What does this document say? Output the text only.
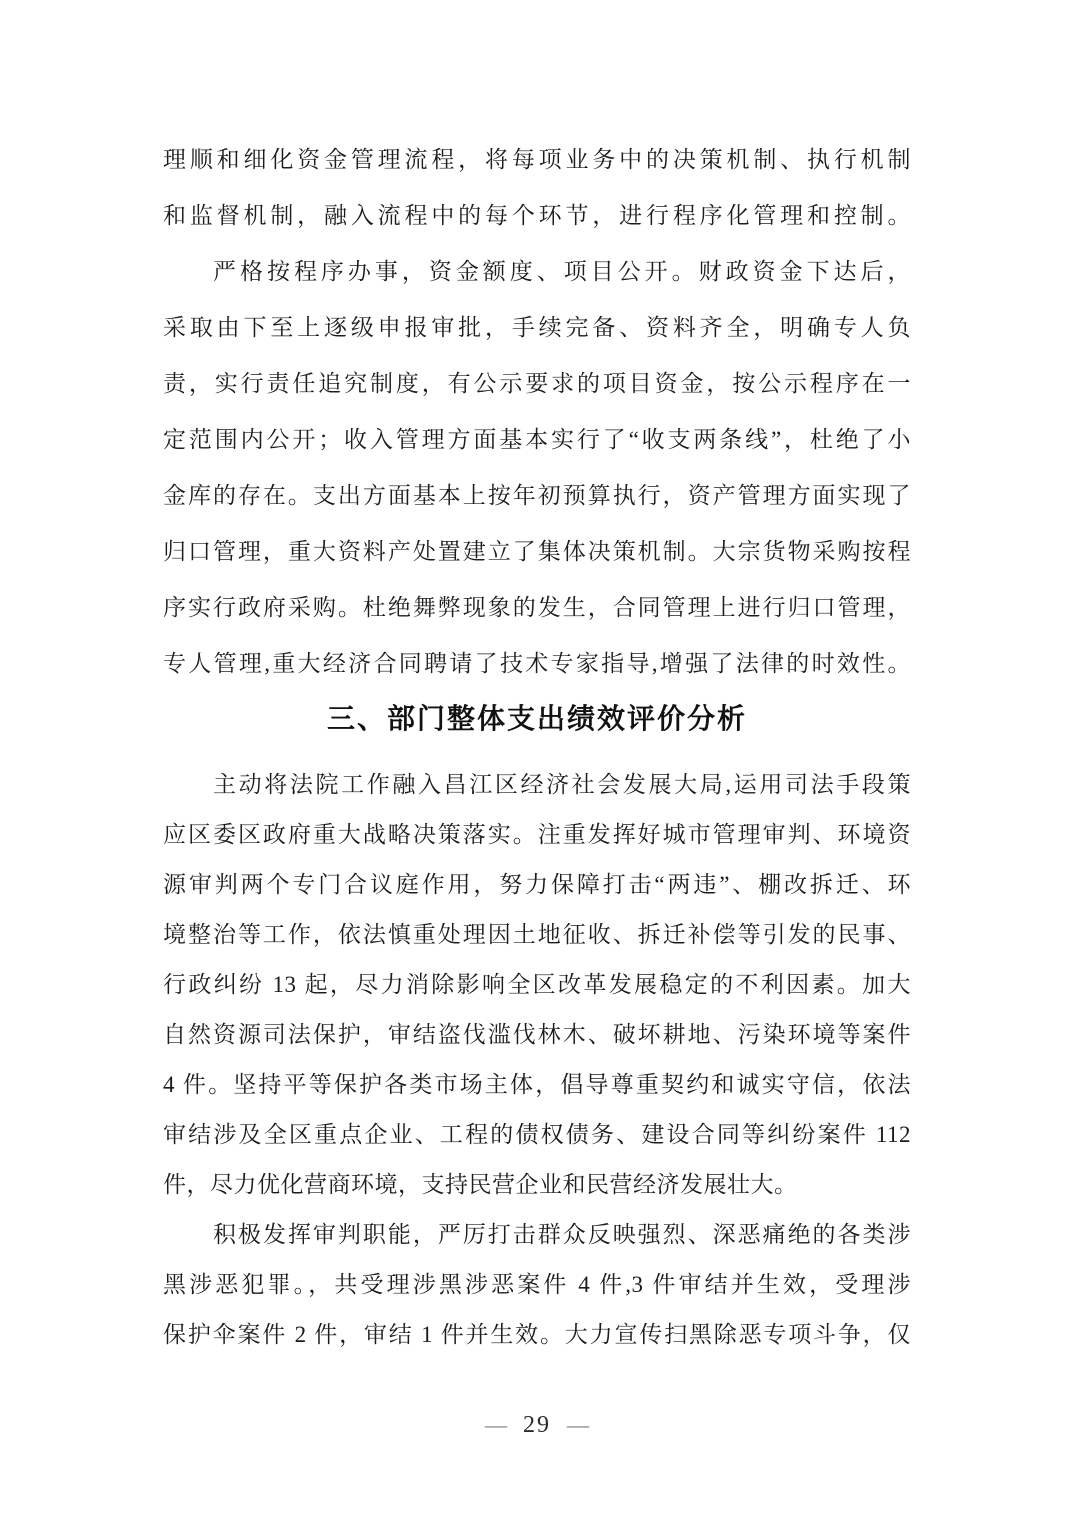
理顺和细化资金管理流程，将每项业务中的决策机制、执行机制
和监督机制，融入流程中的每个环节，进行程序化管理和控制。
严格按程序办事，资金额度、项目公开。财政资金下达后，
采取由下至上逐级申报审批，手续完备、资料齐全，明确专人负
责，实行责任追究制度，有公示要求的项目资金，按公示程序在一
定范围内公开；收入管理方面基本实行了“收支两条线”，杜绝了小
金库的存在。支出方面基本上按年初预算执行，资产管理方面实现了
归口管理，重大资料产处置建立了集体决策机制。大宗货物采购按程
序实行政府采购。杜绝舞弊现象的发生，合同管理上进行归口管理，
专人管理,重大经济合同聘请了技术专家指导,增强了法律的时效性。
三、部门整体支出绩效评价分析
主动将法院工作融入昌江区经济社会发展大局,运用司法手段策
应区委区政府重大战略决策落实。注重发挥好城市管理审判、环境资
源审判两个专门合议庭作用，努力保障打击“两违”、棚改拆迁、环
境整治等工作，依法慎重处理因土地征收、拆迁补偿等引发的民事、
行政纠纷 13 起，尽力消除影响全区改革发展稳定的不利因素。加大
自然资源司法保护，审结盗伐滥伐林木、破坏耕地、污染环境等案件
4 件。坚持平等保护各类市场主体，倡导尊重契约和诚实守信，依法
审结涉及全区重点企业、工程的债权债务、建设合同等纠纷案件 112
件，尽力优化营商环境，支持民营企业和民营经济发展壮大。
积极发挥审判职能，严厉打击群众反映强烈、深恶痛绝的各类涉
黑涉恶犯罪。，共受理涉黑涉恶案件 4 件,3 件审结并生效，受理涉
保护伞案件 2 件，审结 1 件并生效。大力宣传扫黑除恶专项斗争，仅
— 29 —
